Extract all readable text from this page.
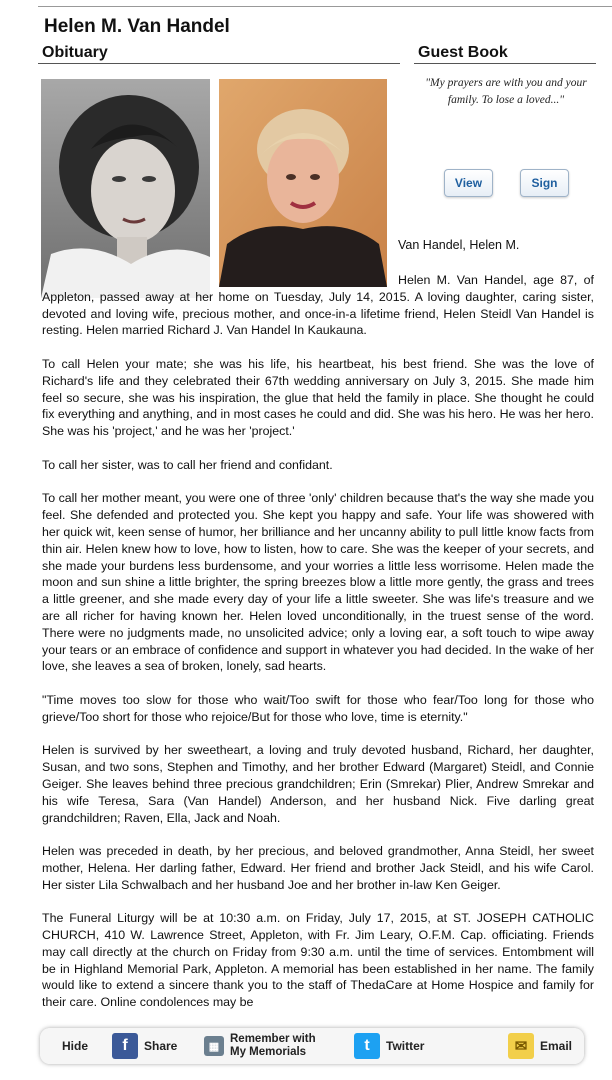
Helen M. Van Handel
Obituary	Guest Book
"My prayers are with you and your family. To lose a loved..."
View	Sign
Van Handel, Helen M.

Helen M. Van Handel, age 87, of Appleton, passed away at her home on Tuesday, July 14, 2015. A loving daughter, caring sister, devoted and loving wife, precious mother, and once-in-a lifetime friend, Helen Steidl Van Handel is resting. Helen married Richard J. Van Handel In Kaukauna.

To call Helen your mate; she was his life, his heartbeat, his best friend. She was the love of Richard's life and they celebrated their 67th wedding anniversary on July 3, 2015. She made him feel so secure, she was his inspiration, the glue that held the family in place. She thought he could fix everything and anything, and in most cases he could and did. She was his hero. He was her hero. She was his 'project,' and he was her 'project.'

To call her sister, was to call her friend and confidant.

To call her mother meant, you were one of three 'only' children because that's the way she made you feel. She defended and protected you. She kept you happy and safe. Your life was showered with her quick wit, keen sense of humor, her brilliance and her uncanny ability to pull little know facts from thin air. Helen knew how to love, how to listen, how to care. She was the keeper of your secrets, and she made your burdens less burdensome, and your worries a little less worrisome. Helen made the moon and sun shine a little brighter, the spring breezes blow a little more gently, the grass and trees a little greener, and she made every day of your life a little sweeter. She was life's treasure and we are all richer for having known her. Helen loved unconditionally, in the truest sense of the word. There were no judgments made, no unsolicited advice; only a loving ear, a soft touch to wipe away your tears or an embrace of confidence and support in whatever you had decided. In the wake of her love, she leaves a sea of broken, lonely, sad hearts.

"Time moves too slow for those who wait/Too swift for those who fear/Too long for those who grieve/Too short for those who rejoice/But for those who love, time is eternity."

Helen is survived by her sweetheart, a loving and truly devoted husband, Richard, her daughter, Susan, and two sons, Stephen and Timothy, and her brother Edward (Margaret) Steidl, and Connie Geiger. She leaves behind three precious grandchildren; Erin (Smrekar) Plier, Andrew Smrekar and his wife Teresa, Sara (Van Handel) Anderson, and her husband Nick. Five darling great grandchildren; Raven, Ella, Jack and Noah.

Helen was preceded in death, by her precious, and beloved grandmother, Anna Steidl, her sweet mother, Helena. Her darling father, Edward. Her friend and brother Jack Steidl, and his wife Carol. Her sister Lila Schwalbach and her husband Joe and her brother in-law Ken Geiger.

The Funeral Liturgy will be at 10:30 a.m. on Friday, July 17, 2015, at ST. JOSEPH CATHOLIC CHURCH, 410 W. Lawrence Street, Appleton, with Fr. Jim Leary, O.F.M. Cap. officiating. Friends may call directly at the church on Friday from 9:30 a.m. until the time of services. Entombment will be in Highland Memorial Park, Appleton. A memorial has been established in her name. The family would like to extend a sincere thank you to the staff of ThedaCare at Home Hospice and family for their care. Online condolences may be

Hide	f	Share	▦
Remember with My Memorials	t	Twitter	✉	Email
